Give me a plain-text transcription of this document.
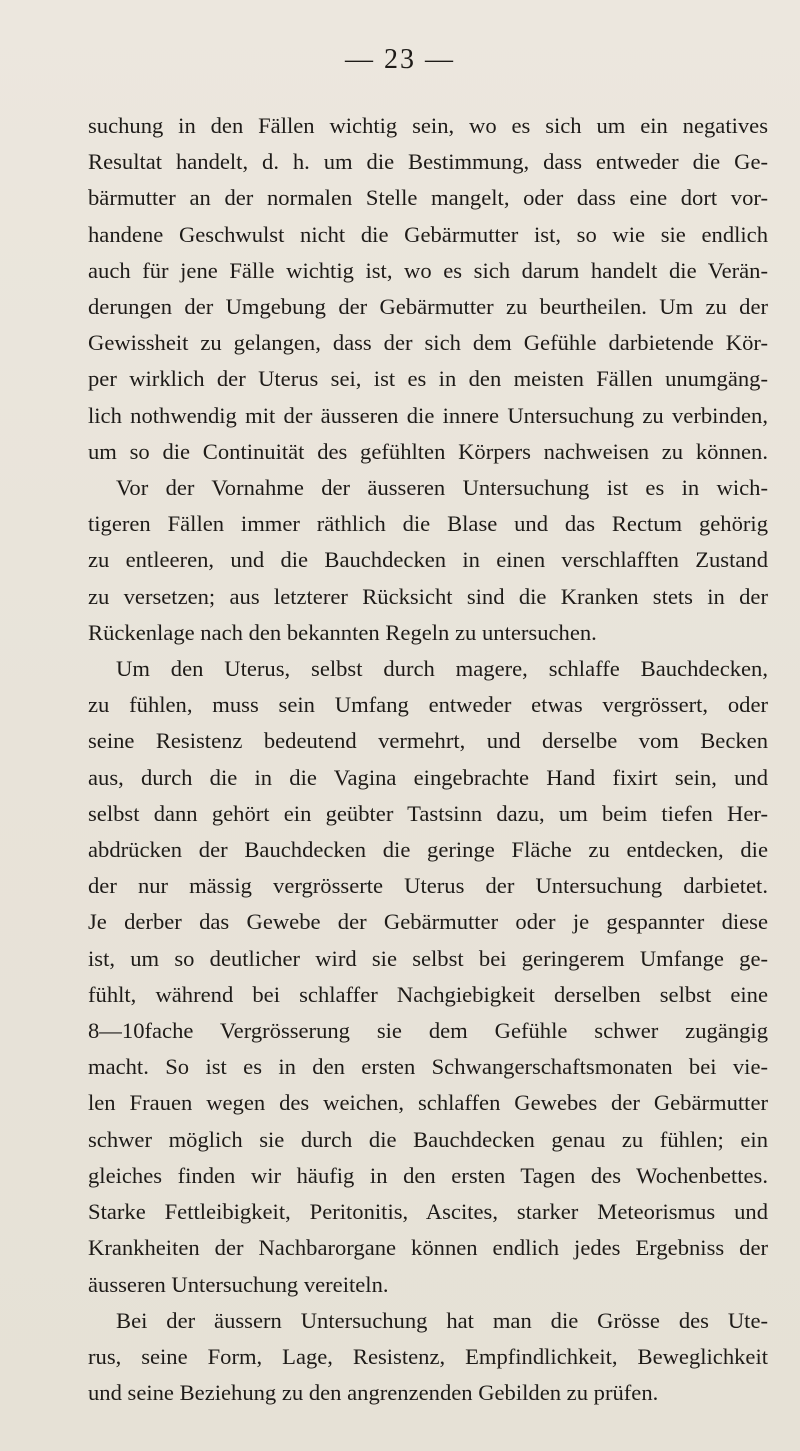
— 23 —
suchung in den Fällen wichtig sein, wo es sich um ein negatives
Resultat handelt, d. h. um die Bestimmung, dass entweder die Ge-
bärmutter an der normalen Stelle mangelt, oder dass eine dort vor-
handene Geschwulst nicht die Gebärmutter ist, so wie sie endlich
auch für jene Fälle wichtig ist, wo es sich darum handelt die Verän-
derungen der Umgebung der Gebärmutter zu beurtheilen. Um zu der
Gewissheit zu gelangen, dass der sich dem Gefühle darbietende Kör-
per wirklich der Uterus sei, ist es in den meisten Fällen unumgäng-
lich nothwendig mit der äusseren die innere Untersuchung zu verbinden,
um so die Continuität des gefühlten Körpers nachweisen zu können.
Vor der Vornahme der äusseren Untersuchung ist es in wich-
tigeren Fällen immer räthlich die Blase und das Rectum gehörig
zu entleeren, und die Bauchdecken in einen verschlafften Zustand
zu versetzen; aus letzterer Rücksicht sind die Kranken stets in der
Rückenlage nach den bekannten Regeln zu untersuchen.
Um den Uterus, selbst durch magere, schlaffe Bauchdecken,
zu fühlen, muss sein Umfang entweder etwas vergrössert, oder
seine Resistenz bedeutend vermehrt, und derselbe vom Becken
aus, durch die in die Vagina eingebrachte Hand fixirt sein, und
selbst dann gehört ein geübter Tastsinn dazu, um beim tiefen Her-
abdrücken der Bauchdecken die geringe Fläche zu entdecken, die
der nur mässig vergrösserte Uterus der Untersuchung darbietet.
Je derber das Gewebe der Gebärmutter oder je gespannter diese
ist, um so deutlicher wird sie selbst bei geringerem Umfange ge-
fühlt, während bei schlaffer Nachgiebigkeit derselben selbst eine
8—10fache Vergrösserung sie dem Gefühle schwer zugängig
macht. So ist es in den ersten Schwangerschaftsmonaten bei vie-
len Frauen wegen des weichen, schlaffen Gewebes der Gebärmutter
schwer möglich sie durch die Bauchdecken genau zu fühlen; ein
gleiches finden wir häufig in den ersten Tagen des Wochenbettes.
Starke Fettleibigkeit, Peritonitis, Ascites, starker Meteorismus und
Krankheiten der Nachbarorgane können endlich jedes Ergebniss der
äusseren Untersuchung vereiteln.
Bei der äussern Untersuchung hat man die Grösse des Ute-
rus, seine Form, Lage, Resistenz, Empfindlichkeit, Beweglichkeit
und seine Beziehung zu den angrenzenden Gebilden zu prüfen.
